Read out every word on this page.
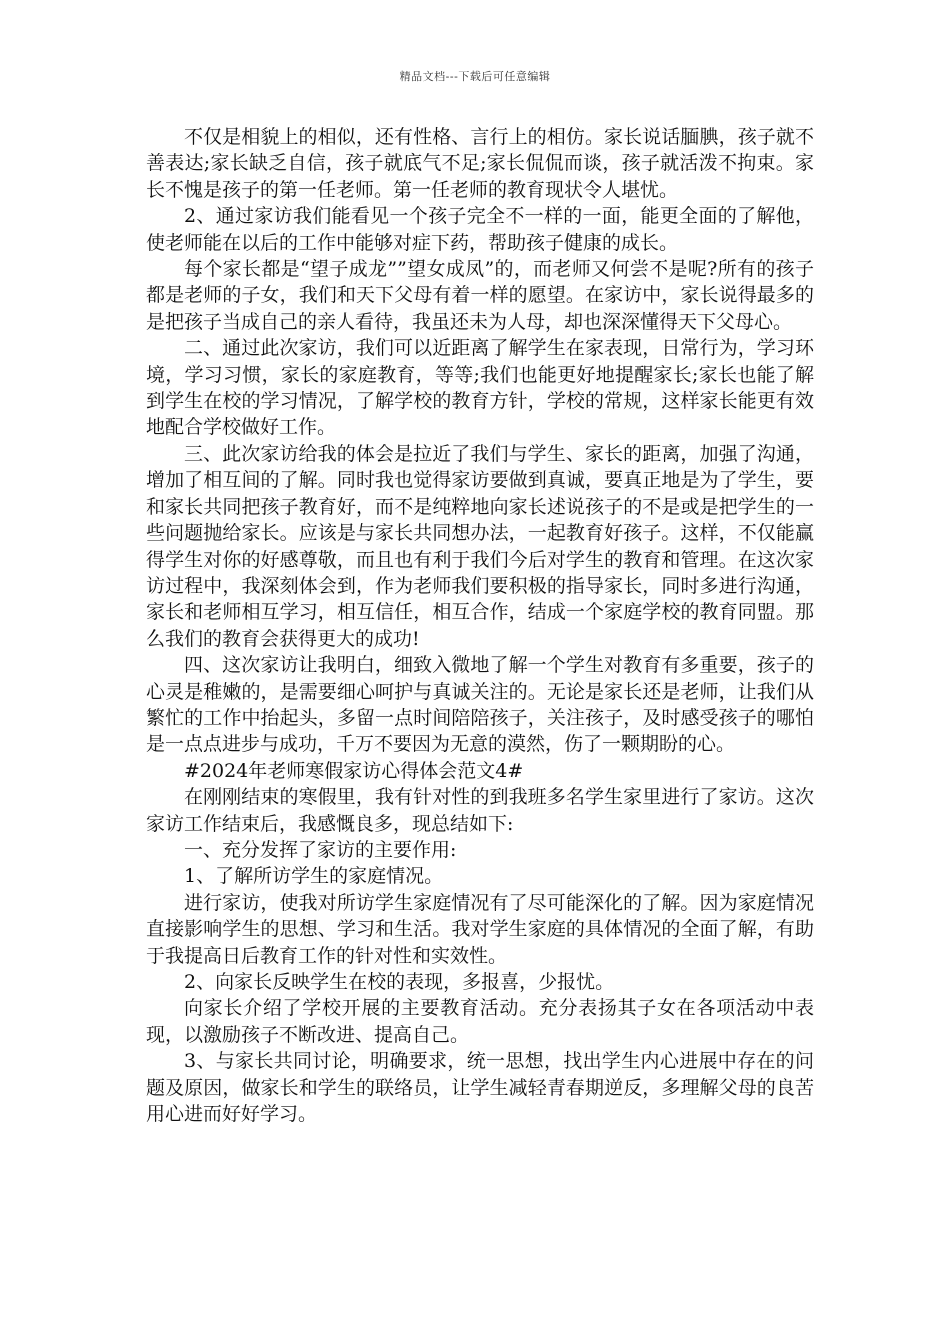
精品文档---下载后可任意编辑

不仅是相貌上的相似，还有性格、言行上的相仿。家长说话腼腆，孩子就不善表达;家长缺乏自信，孩子就底气不足;家长侃侃而谈，孩子就活泼不拘束。家长不愧是孩子的第一任老师。第一任老师的教育现状令人堪忧。

2、通过家访我们能看见一个孩子完全不一样的一面，能更全面的了解他，使老师能在以后的工作中能够对症下药，帮助孩子健康的成长。

每个家长都是“望子成龙””望女成凤”的，而老师又何尝不是呢?所有的孩子都是老师的子女，我们和天下父母有着一样的愿望。在家访中，家长说得最多的是把孩子当成自己的亲人看待，我虽还未为人母，却也深深懂得天下父母心。

二、通过此次家访，我们可以近距离了解学生在家表现，日常行为，学习环境，学习习惯，家长的家庭教育，等等;我们也能更好地提醒家长;家长也能了解到学生在校的学习情况，了解学校的教育方针，学校的常规，这样家长能更有效地配合学校做好工作。

三、此次家访给我的体会是拉近了我们与学生、家长的距离，加强了沟通，增加了相互间的了解。同时我也觉得家访要做到真诚，要真正地是为了学生，要和家长共同把孩子教育好，而不是纯粹地向家长述说孩子的不是或是把学生的一些问题抛给家长。应该是与家长共同想办法，一起教育好孩子。这样，不仅能赢得学生对你的好感尊敬，而且也有利于我们今后对学生的教育和管理。在这次家访过程中，我深刻体会到，作为老师我们要积极的指导家长，同时多进行沟通，家长和老师相互学习，相互信任，相互合作，结成一个家庭学校的教育同盟。那么我们的教育会获得更大的成功!

四、这次家访让我明白，细致入微地了解一个学生对教育有多重要，孩子的心灵是稚嫩的，是需要细心呵护与真诚关注的。无论是家长还是老师，让我们从繁忙的工作中抬起头，多留一点时间陪陪孩子，关注孩子，及时感受孩子的哪怕是一点点进步与成功，千万不要因为无意的漠然，伤了一颗期盼的心。

#2024年老师寒假家访心得体会范文4#

在刚刚结束的寒假里，我有针对性的到我班多名学生家里进行了家访。这次家访工作结束后，我感慨良多，现总结如下:

一、充分发挥了家访的主要作用:

1、了解所访学生的家庭情况。

进行家访，使我对所访学生家庭情况有了尽可能深化的了解。因为家庭情况直接影响学生的思想、学习和生活。我对学生家庭的具体情况的全面了解，有助于我提高日后教育工作的针对性和实效性。

2、向家长反映学生在校的表现，多报喜，少报忧。

向家长介绍了学校开展的主要教育活动。充分表扬其子女在各项活动中表现，以激励孩子不断改进、提高自己。

3、与家长共同讨论，明确要求，统一思想，找出学生内心进展中存在的问题及原因，做家长和学生的联络员，让学生减轻青春期逆反，多理解父母的良苦用心进而好好学习。
